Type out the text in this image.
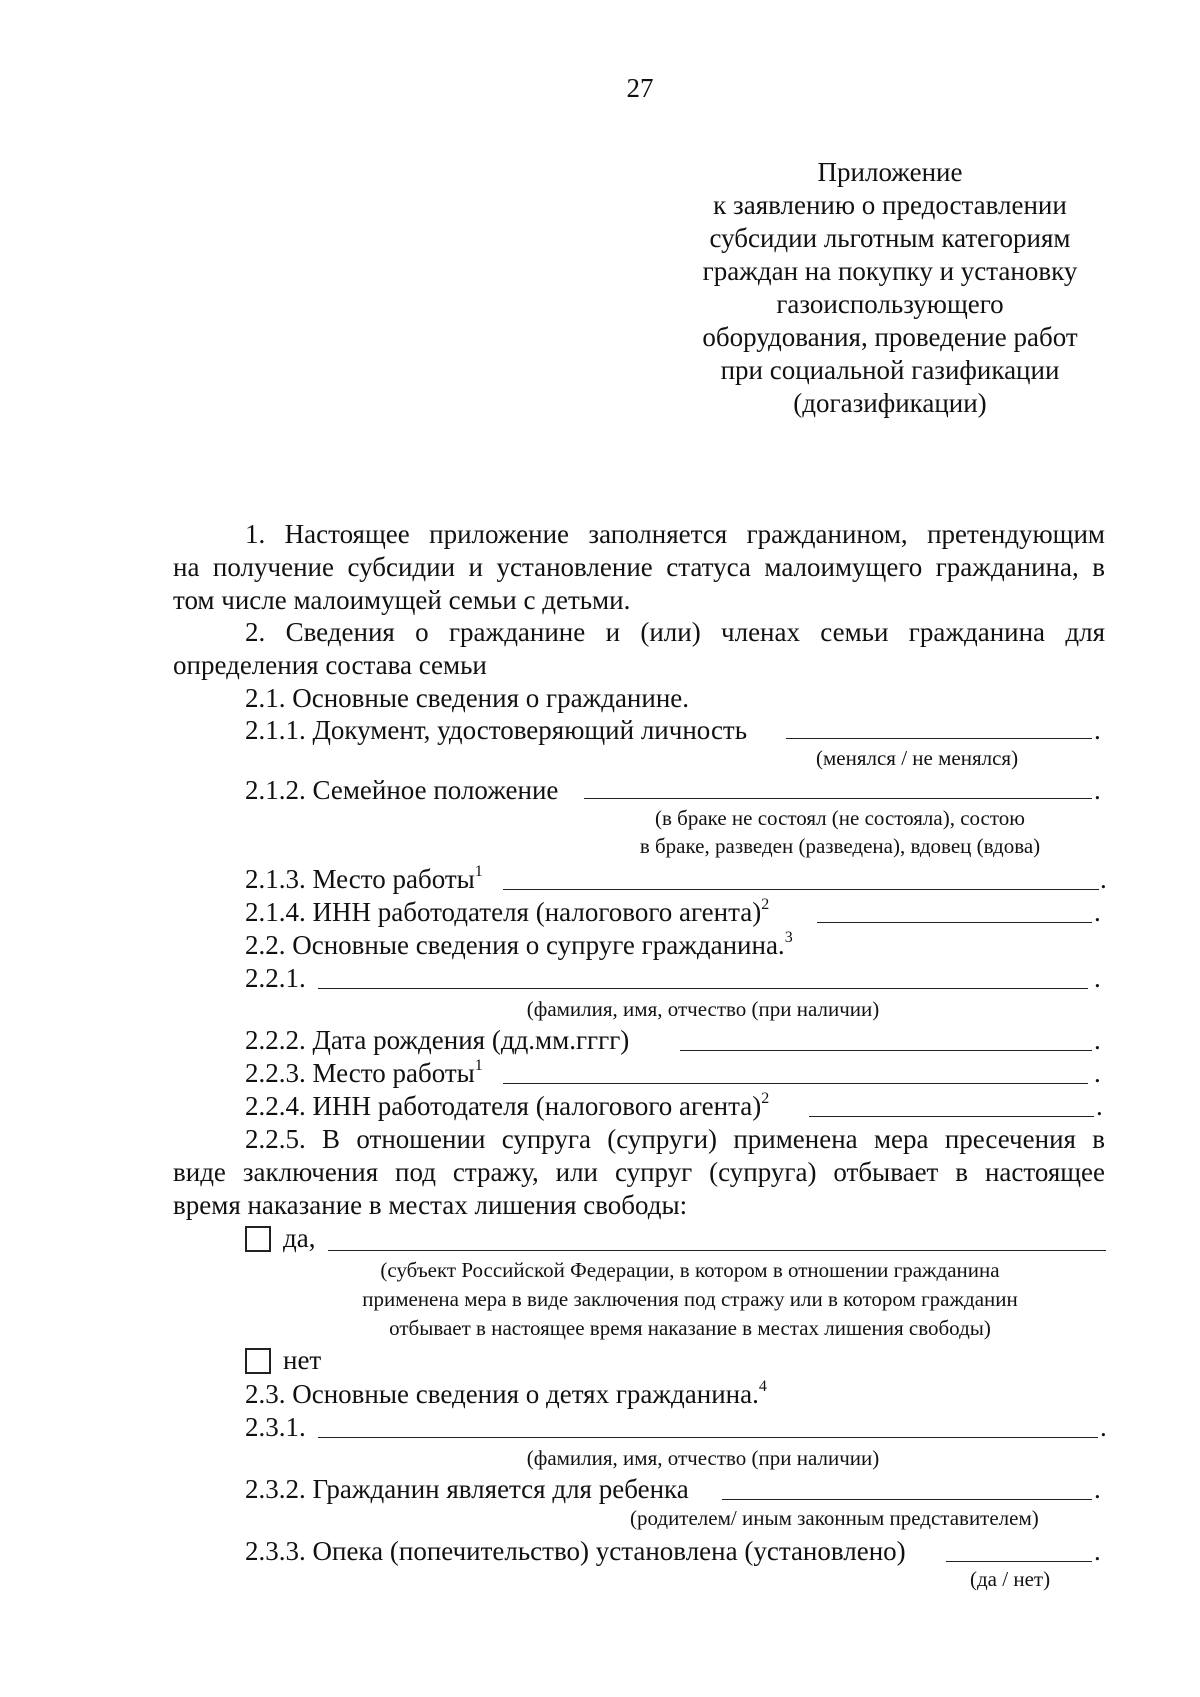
27
Приложение
к заявлению о предоставлении
субсидии льготным категориям
граждан на покупку и установку
газоиспользующего
оборудования, проведение работ
при социальной газификации
(догазификации)
1. Настоящее приложение заполняется гражданином, претендующим
на получение субсидии и установление статуса малоимущего гражданина, в
том числе малоимущей семьи с детьми.
2. Сведения о гражданине и (или) членах семьи гражданина для
определения состава семьи
2.1. Основные сведения о гражданине.
2.1.1. Документ, удостоверяющий личность	.
(менялся / не менялся)
2.1.2. Семейное положение	.
(в браке не состоял (не состояла), состою
в браке, разведен (разведена), вдовец (вдова)
2.1.3. Место работы$^1$	.
2.1.4. ИНН работодателя (налогового агента)$^2$	.
2.2. Основные сведения о супруге гражданина.$^3$
2.2.1.	.
(фамилия, имя, отчество (при наличии)
2.2.2. Дата рождения (дд.мм.гггг)	.
2.2.3. Место работы$^1$	.
2.2.4. ИНН работодателя (налогового агента)$^2$	.
2.2.5. В отношении супруга (супруги) применена мера пресечения в
виде заключения под стражу, или супруг (супруга) отбывает в настоящее
время наказание в местах лишения свободы:
да,
(субъект Российской Федерации, в котором в отношении гражданина
применена мера в виде заключения под стражу или в котором гражданин
отбывает в настоящее время наказание в местах лишения свободы)
нет
2.3. Основные сведения о детях гражданина.$^4$
2.3.1.	.
(фамилия, имя, отчество (при наличии)
2.3.2. Гражданин является для ребенка	.
(родителем/ иным законным представителем)
2.3.3. Опека (попечительство) установлена (установлено)	.
(да / нет)
